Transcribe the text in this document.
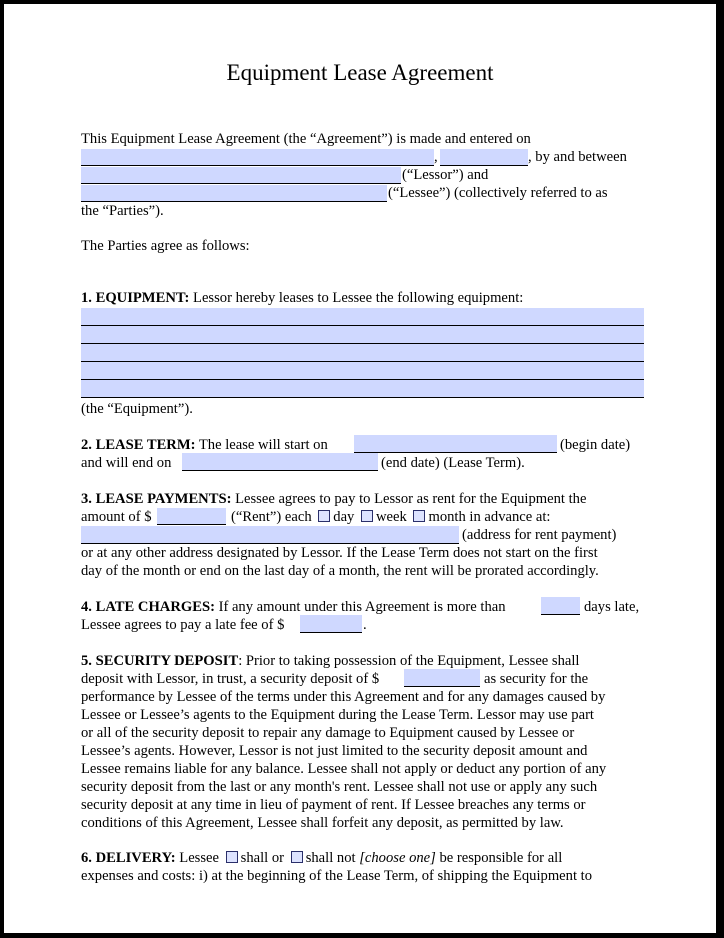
Equipment Lease Agreement
This Equipment Lease Agreement (the “Agreement”) is made and entered on
,	, by and between
(“Lessor”) and
(“Lessee”) (collectively referred to as
the “Parties”).
The Parties agree as follows:
1. EQUIPMENT: Lessor hereby leases to Lessee the following equipment:
(the “Equipment”).
2. LEASE TERM: The lease will start on	(begin date)
and will end on	(end date) (Lease Term).
3. LEASE PAYMENTS: Lessee agrees to pay to Lessor as rent for the Equipment the
amount of $	(“Rent”) each day week month in advance at:
(address for rent payment)
or at any other address designated by Lessor. If the Lease Term does not start on the first
day of the month or end on the last day of a month, the rent will be prorated accordingly.
4. LATE CHARGES: If any amount under this Agreement is more than	days late,
Lessee agrees to pay a late fee of $	.
5. SECURITY DEPOSIT: Prior to taking possession of the Equipment, Lessee shall
deposit with Lessor, in trust, a security deposit of $	as security for the
performance by Lessee of the terms under this Agreement and for any damages caused by
Lessee or Lessee’s agents to the Equipment during the Lease Term. Lessor may use part
or all of the security deposit to repair any damage to Equipment caused by Lessee or
Lessee’s agents. However, Lessor is not just limited to the security deposit amount and
Lessee remains liable for any balance. Lessee shall not apply or deduct any portion of any
security deposit from the last or any month's rent. Lessee shall not use or apply any such
security deposit at any time in lieu of payment of rent. If Lessee breaches any terms or
conditions of this Agreement, Lessee shall forfeit any deposit, as permitted by law.
6. DELIVERY: Lessee shall or shall not [choose one] be responsible for all
expenses and costs: i) at the beginning of the Lease Term, of shipping the Equipment to
